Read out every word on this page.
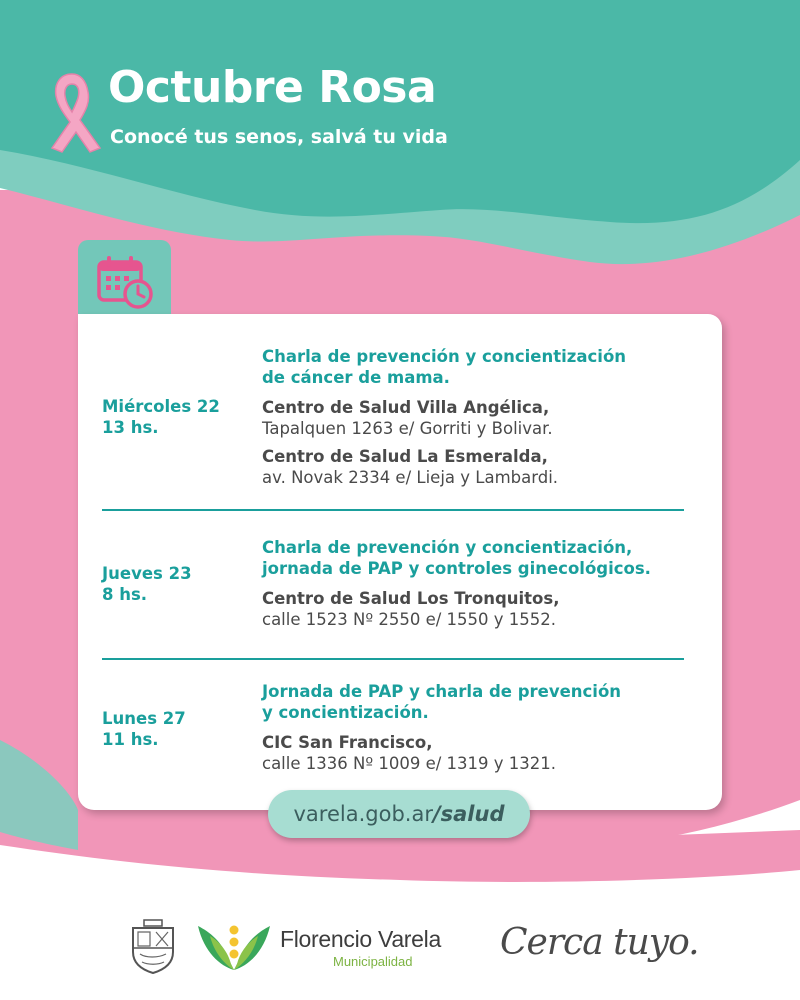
Octubre Rosa
Conocé tus senos, salvá tu vida
Miércoles 22
13 hs.
Charla de prevención y concientización
de cáncer de mama.
Centro de Salud Villa Angélica,
Tapalquen 1263 e/ Gorriti y Bolivar.
Centro de Salud La Esmeralda,
av. Novak 2334 e/ Lieja y Lambardi.
Jueves 23
8 hs.
Charla de prevención y concientización,
jornada de PAP y controles ginecológicos.
Centro de Salud Los Tronquitos,
calle 1523 Nº 2550 e/ 1550 y 1552.
Lunes 27
11 hs.
Jornada de PAP y charla de prevención
y concientización.
CIC San Francisco,
calle 1336 Nº 1009 e/ 1319 y 1321.
varela.gob.ar/salud
Florencio Varela
Municipalidad Cerca tuyo.
